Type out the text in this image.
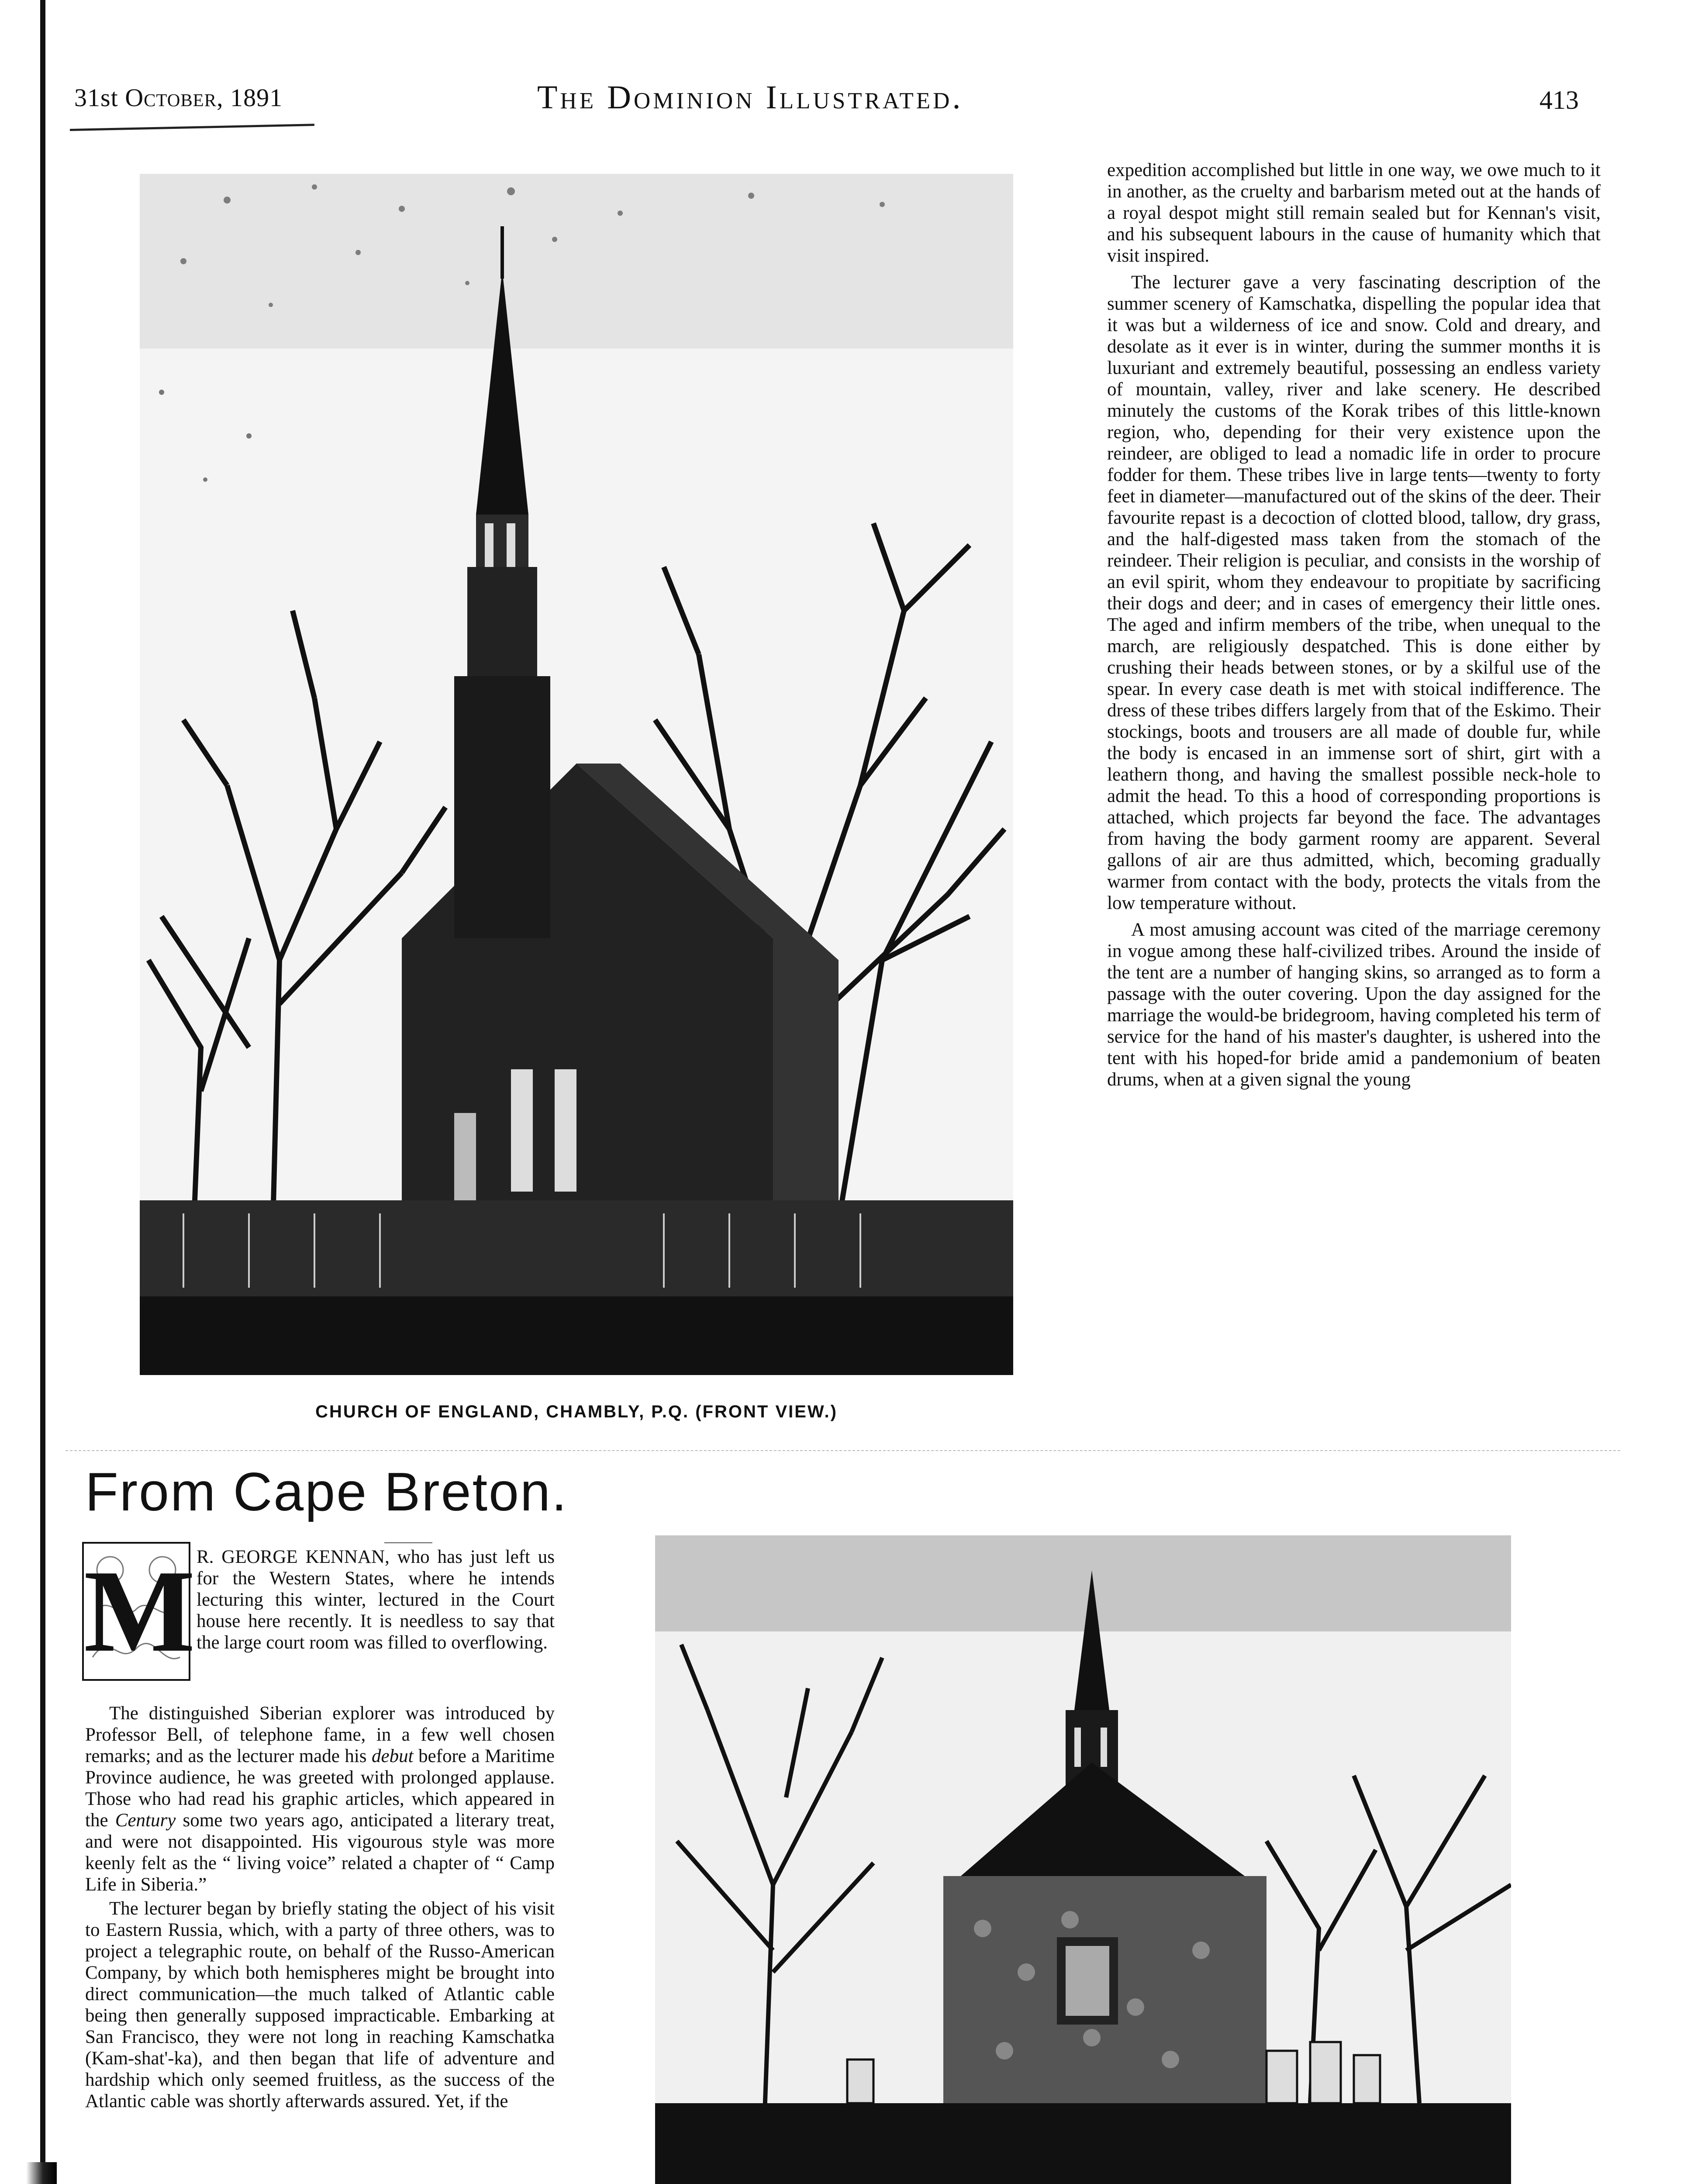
31st October, 1891	The Dominion Illustrated.	413
CHURCH OF ENGLAND, CHAMBLY, P.Q. (FRONT VIEW.)

expedition accomplished but little in one way, we owe much to it in another, as the cruelty and barbarism meted out at the hands of a royal despot might still remain sealed but for Kennan's visit, and his subsequent labours in the cause of humanity which that visit inspired.

The lecturer gave a very fascinating description of the summer scenery of Kamschatka, dispelling the popular idea that it was but a wilderness of ice and snow. Cold and dreary, and desolate as it ever is in winter, during the summer months it is luxuriant and extremely beautiful, possessing an endless variety of mountain, valley, river and lake scenery. He described minutely the customs of the Korak tribes of this little-known region, who, depending for their very existence upon the reindeer, are obliged to lead a nomadic life in order to procure fodder for them. These tribes live in large tents—twenty to forty feet in diameter—manufactured out of the skins of the deer. Their favourite repast is a decoction of clotted blood, tallow, dry grass, and the half-digested mass taken from the stomach of the reindeer. Their religion is peculiar, and consists in the worship of an evil spirit, whom they endeavour to propitiate by sacrificing their dogs and deer; and in cases of emergency their little ones. The aged and infirm members of the tribe, when unequal to the march, are religiously despatched. This is done either by crushing their heads between stones, or by a skilful use of the spear. In every case death is met with stoical indifference. The dress of these tribes differs largely from that of the Eskimo. Their stockings, boots and trousers are all made of double fur, while the body is encased in an immense sort of shirt, girt with a leathern thong, and having the smallest possible neck-hole to admit the head. To this a hood of corresponding proportions is attached, which projects far beyond the face. The advantages from having the body garment roomy are apparent. Several gallons of air are thus admitted, which, becoming gradually warmer from contact with the body, protects the vitals from the low temperature without.

A most amusing account was cited of the marriage ceremony in vogue among these half-civilized tribes. Around the inside of the tent are a number of hanging skins, so arranged as to form a passage with the outer covering. Upon the day assigned for the marriage the would-be bridegroom, having completed his term of service for the hand of his master's daughter, is ushered into the tent with his hoped-for bride amid a pandemonium of beaten drums, when at a given signal the young

From Cape Breton.
M R. GEORGE KENNAN, who has just left us for the Western States, where he intends lecturing this winter, lectured in the Court house here recently. It is needless to say that the large court room was filled to overflowing.

The distinguished Siberian explorer was introduced by Professor Bell, of telephone fame, in a few well chosen remarks; and as the lecturer made his debut before a Maritime Province audience, he was greeted with prolonged applause. Those who had read his graphic articles, which appeared in the Century some two years ago, anticipated a literary treat, and were not disappointed. His vigourous style was more keenly felt as the “ living voice” related a chapter of “ Camp Life in Siberia.”

The lecturer began by briefly stating the object of his visit to Eastern Russia, which, with a party of three others, was to project a telegraphic route, on behalf of the Russo-American Company, by which both hemispheres might be brought into direct communication—the much talked of Atlantic cable being then generally supposed impracticable. Embarking at San Francisco, they were not long in reaching Kamschatka (Kam-shat'-ka), and then began that life of adventure and hardship which only seemed fruitless, as the success of the Atlantic cable was shortly afterwards assured. Yet, if the
